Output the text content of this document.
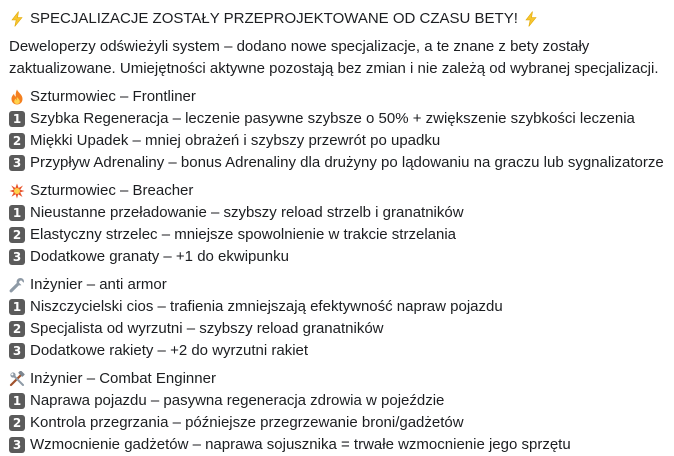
SPECJALIZACJE ZOSTAŁY PRZEPROJEKTOWANE OD CZASU BETY!
Deweloperzy odświeżyli system – dodano nowe specjalizacje, a te znane z bety zostały
zaktualizowane. Umiejętności aktywne pozostają bez zmian i nie zależą od wybranej specjalizacji.
Szturmowiec – Frontliner
1 Szybka Regeneracja – leczenie pasywne szybsze o 50% + zwiększenie szybkości leczenia
2 Miękki Upadek – mniej obrażeń i szybszy przewrót po upadku
3 Przypływ Adrenaliny – bonus Adrenaliny dla drużyny po lądowaniu na graczu lub sygnalizatorze
Szturmowiec – Breacher
1 Nieustanne przeładowanie – szybszy reload strzelb i granatników
2 Elastyczny strzelec – mniejsze spowolnienie w trakcie strzelania
3 Dodatkowe granaty – +1 do ekwipunku
Inżynier – anti armor
1 Niszczycielski cios – trafienia zmniejszają efektywność napraw pojazdu
2 Specjalista od wyrzutni – szybszy reload granatników
3 Dodatkowe rakiety – +2 do wyrzutni rakiet
Inżynier – Combat Enginner
1 Naprawa pojazdu – pasywna regeneracja zdrowia w pojeździe
2 Kontrola przegrzania – późniejsze przegrzewanie broni/gadżetów
3 Wzmocnienie gadżetów – naprawa sojusznika = trwałe wzmocnienie jego sprzętu
